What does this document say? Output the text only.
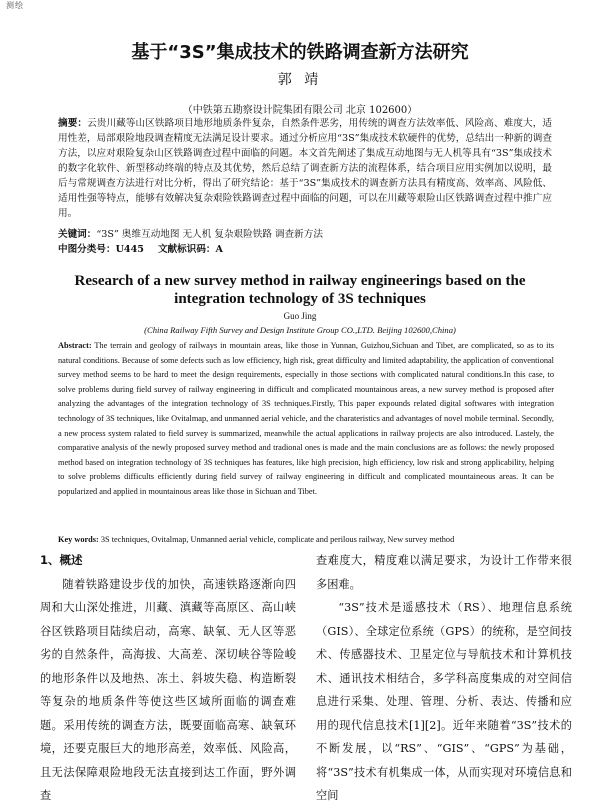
测绘
基于“3S”集成技术的铁路调查新方法研究
郭 靖
（中铁第五勘察设计院集团有限公司 北京 102600）

摘要：云贵川藏等山区铁路项目地形地质条件复杂，自然条件恶劣，用传统的调查方法效率低、风险高、难度大，适用性差，局部艰险地段调查精度无法满足设计要求。通过分析应用“3S”集成技术软硬件的优势，总结出一种新的调查方法，以应对艰险复杂山区铁路调查过程中面临的问题。本文首先阐述了集成互动地图与无人机等具有“3S”集成技术的数字化软件、新型移动终端的特点及其优势，然后总结了调查新方法的流程体系，结合项目应用实例加以说明，最后与常规调查方法进行对比分析，得出了研究结论：基于“3S”集成技术的调查新方法具有精度高、效率高、风险低、适用性强等特点，能够有效解决复杂艰险铁路调查过程中面临的问题，可以在川藏等艰险山区铁路调查过程中推广应用。

关键词：“3S” 奥维互动地图 无人机 复杂艰险铁路 调查新方法
中图分类号：U445 文献标识码：A
Research of a new survey method in railway engineerings based on the integration technology of 3S techniques
Guo Jing
(China Railway Fifth Survey and Design Institute Group CO.,LTD. Beijing 102600,China)

Abstract: The terrain and geology of railways in mountain areas, like those in Yunnan, Guizhou,Sichuan and Tibet, are complicated, so as to its natural conditions. Because of some defects such as low efficiency, high risk, great difficulty and limited adaptability, the application of conventional survey method seems to be hard to meet the design requirements, especially in those sections with complicated natural conditions.In this case, to solve problems during field survey of railway engineering in difficult and complicated mountainous areas, a new survey method is proposed after analyzing the advantages of the integration technology of 3S techniques.Firstly, This paper expounds related digital softwares with integration technology of 3S techniques, like Ovitalmap, and unmanned aerial vehicle, and the charateristics and advantages of novel mobile terminal. Secondly, a new process system ralated to field survey is summarized, meanwhile the actual applications in railway projects are also introduced. Lastely, the comparative analysis of the newly proposed survey method and tradional ones is made and the main conclusions are as follows: the newly proposed method based on integration technology of 3S techniques has features, like high precision, high efficiency, low risk and strong applicability, helping to solve problems difficults efficiently during field survey of railway engineering in difficult and complicated mountaineous areas. It can be popularized and applied in mountainous areas like those in Sichuan and Tibet.

Key words: 3S techniques, Ovitalmap, Unmanned aerial vehicle, complicate and perilous railway, New survey method
1、概述

随着铁路建设步伐的加快，高速铁路逐渐向四周和大山深处推进，川藏、滇藏等高原区、高山峡谷区铁路项目陆续启动，高寒、缺氧、无人区等恶劣的自然条件，高海拔、大高差、深切峡谷等险峻的地形条件以及地热、冻土、斜坡失稳、构造断裂等复杂的地质条件等使这些区域所面临的调查难题。采用传统的调查方法，既要面临高寒、缺氧环境，还要克服巨大的地形高差，效率低、风险高，且无法保障艰险地段无法直接到达工作面，野外调查

查难度大，精度难以满足要求，为设计工作带来很多困难。

“3S”技术是遥感技术（RS）、地理信息系统（GIS）、全球定位系统（GPS）的统称，是空间技术、传感器技术、卫星定位与导航技术和计算机技术、通讯技术相结合，多学科高度集成的对空间信息进行采集、处理、管理、分析、表达、传播和应用的现代信息技术[1][2]。近年来随着“3S”技术的不断发展，以“RS”、“GIS”、“GPS”为基础，将“3S”技术有机集成一体，从而实现对环境信息和空间
